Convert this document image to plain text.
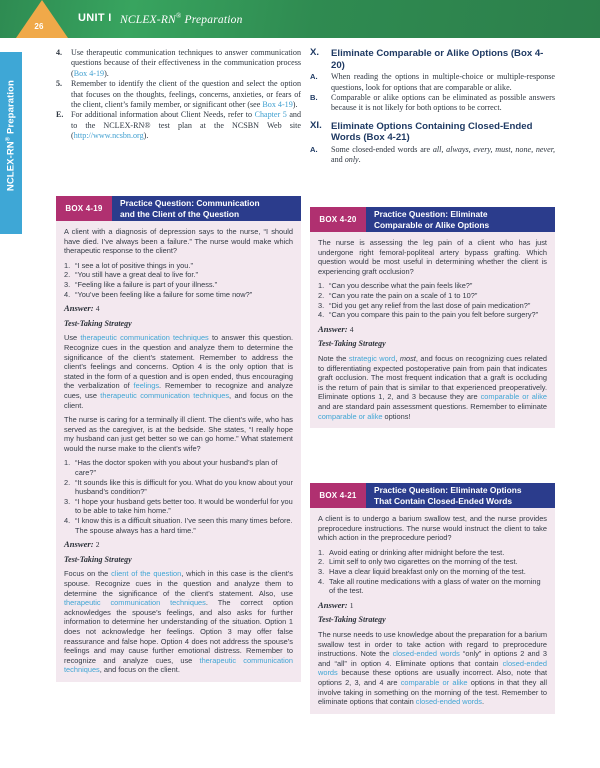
26
UNIT I NCLEX-RN® Preparation
NCLEX-RN® Preparation
4.	Use therapeutic communication techniques to answer communication questions because of their effectiveness in the communication process (Box 4-19).
5.	Remember to identify the client of the question and select the option that focuses on the thoughts, feelings, concerns, anxieties, or fears of the client, client’s family member, or significant other (see Box 4-19).
E. For additional information about Client Needs, refer to Chapter 5 and to the NCLEX-RN® test plan at the NCSBN Web site (http://www.ncsbn.org).
X.	Eliminate Comparable or Alike Options (Box 4-20)
A.	When reading the options in multiple-choice or multiple-response questions, look for options that are comparable or alike.
B.	Comparable or alike options can be eliminated as possible answers because it is not likely for both options to be correct.
XI. Eliminate Options Containing Closed-Ended Words (Box 4-21)
A.	Some closed-ended words are all, always, every, must, none, never, and only.
BOX 4-19
Practice Question: Communication
and the Client of the Question

A client with a diagnosis of depression says to the nurse, “I should have died. I’ve always been a failure.” The nurse would make which therapeutic response to the client?

1. “I see a lot of positive things in you.”
2. “You still have a great deal to live for.”
3. “Feeling like a failure is part of your illness.”
4. “You’ve been feeling like a failure for some time now?”

Answer: 4

Test-Taking Strategy

Use therapeutic communication techniques to answer this question. Recognize cues in the question and analyze them to determine the significance of the client’s statement. Remember to address the client’s feelings and concerns. Option 4 is the only option that is stated in the form of a question and is open ended, thus encouraging the verbalization of feelings. Remember to recognize and analyze cues, use therapeutic communication techniques, and focus on the client.

The nurse is caring for a terminally ill client. The client’s wife, who has served as the caregiver, is at the bedside. She states, “I really hope my husband can just get better so we can go home.” What statement would the nurse make to the client’s wife?

1. “Has the doctor spoken with you about your husband’s plan of care?”
2. “It sounds like this is difficult for you. What do you know about your husband’s condition?”
3. “I hope your husband gets better too. It would be wonderful for you to be able to take him home.”
4. “I know this is a difficult situation. I’ve seen this many times before. The spouse always has a hard time.”

Answer: 2

Test-Taking Strategy

Focus on the client of the question, which in this case is the client’s spouse. Recognize cues in the question and analyze them to determine the significance of the client’s statement. Also, use therapeutic communication techniques. The correct option acknowledges the spouse’s feelings, and also asks for further information to determine her understanding of the situation. Option 1 does not acknowledge her feelings. Option 3 may offer false reassurance and false hope. Option 4 does not address the spouse’s feelings and may cause further emotional distress. Remember to recognize and analyze cues, use therapeutic communication techniques, and focus on the client.

BOX 4-20
Practice Question: Eliminate
Comparable or Alike Options

The nurse is assessing the leg pain of a client who has just undergone right femoral-popliteal artery bypass grafting. Which question would be most useful in determining whether the client is experiencing graft occlusion?

1. “Can you describe what the pain feels like?”
2. “Can you rate the pain on a scale of 1 to 10?”
3. “Did you get any relief from the last dose of pain medication?”
4. “Can you compare this pain to the pain you felt before surgery?”

Answer: 4

Test-Taking Strategy

Note the strategic word, most, and focus on recognizing cues related to differentiating expected postoperative pain from pain that indicates graft occlusion. The most frequent indication that a graft is occluding is the return of pain that is similar to that experienced preoperatively. Eliminate options 1, 2, and 3 because they are comparable or alike and are standard pain assessment questions. Remember to eliminate comparable or alike options!

BOX 4-21
Practice Question: Eliminate Options
That Contain Closed-Ended Words

A client is to undergo a barium swallow test, and the nurse provides preprocedure instructions. The nurse would instruct the client to take which action in the preprocedure period?

1. Avoid eating or drinking after midnight before the test.
2. Limit self to only two cigarettes on the morning of the test.
3. Have a clear liquid breakfast only on the morning of the test.
4. Take all routine medications with a glass of water on the morning of the test.

Answer: 1

Test-Taking Strategy

The nurse needs to use knowledge about the preparation for a barium swallow test in order to take action with regard to preprocedure instructions. Note the closed-ended words “only” in options 2 and 3 and “all” in option 4. Eliminate options that contain closed-ended words because these options are usually incorrect. Also, note that options 2, 3, and 4 are comparable or alike options in that they all involve taking in something on the morning of the test. Remember to eliminate options that contain closed-ended words.
